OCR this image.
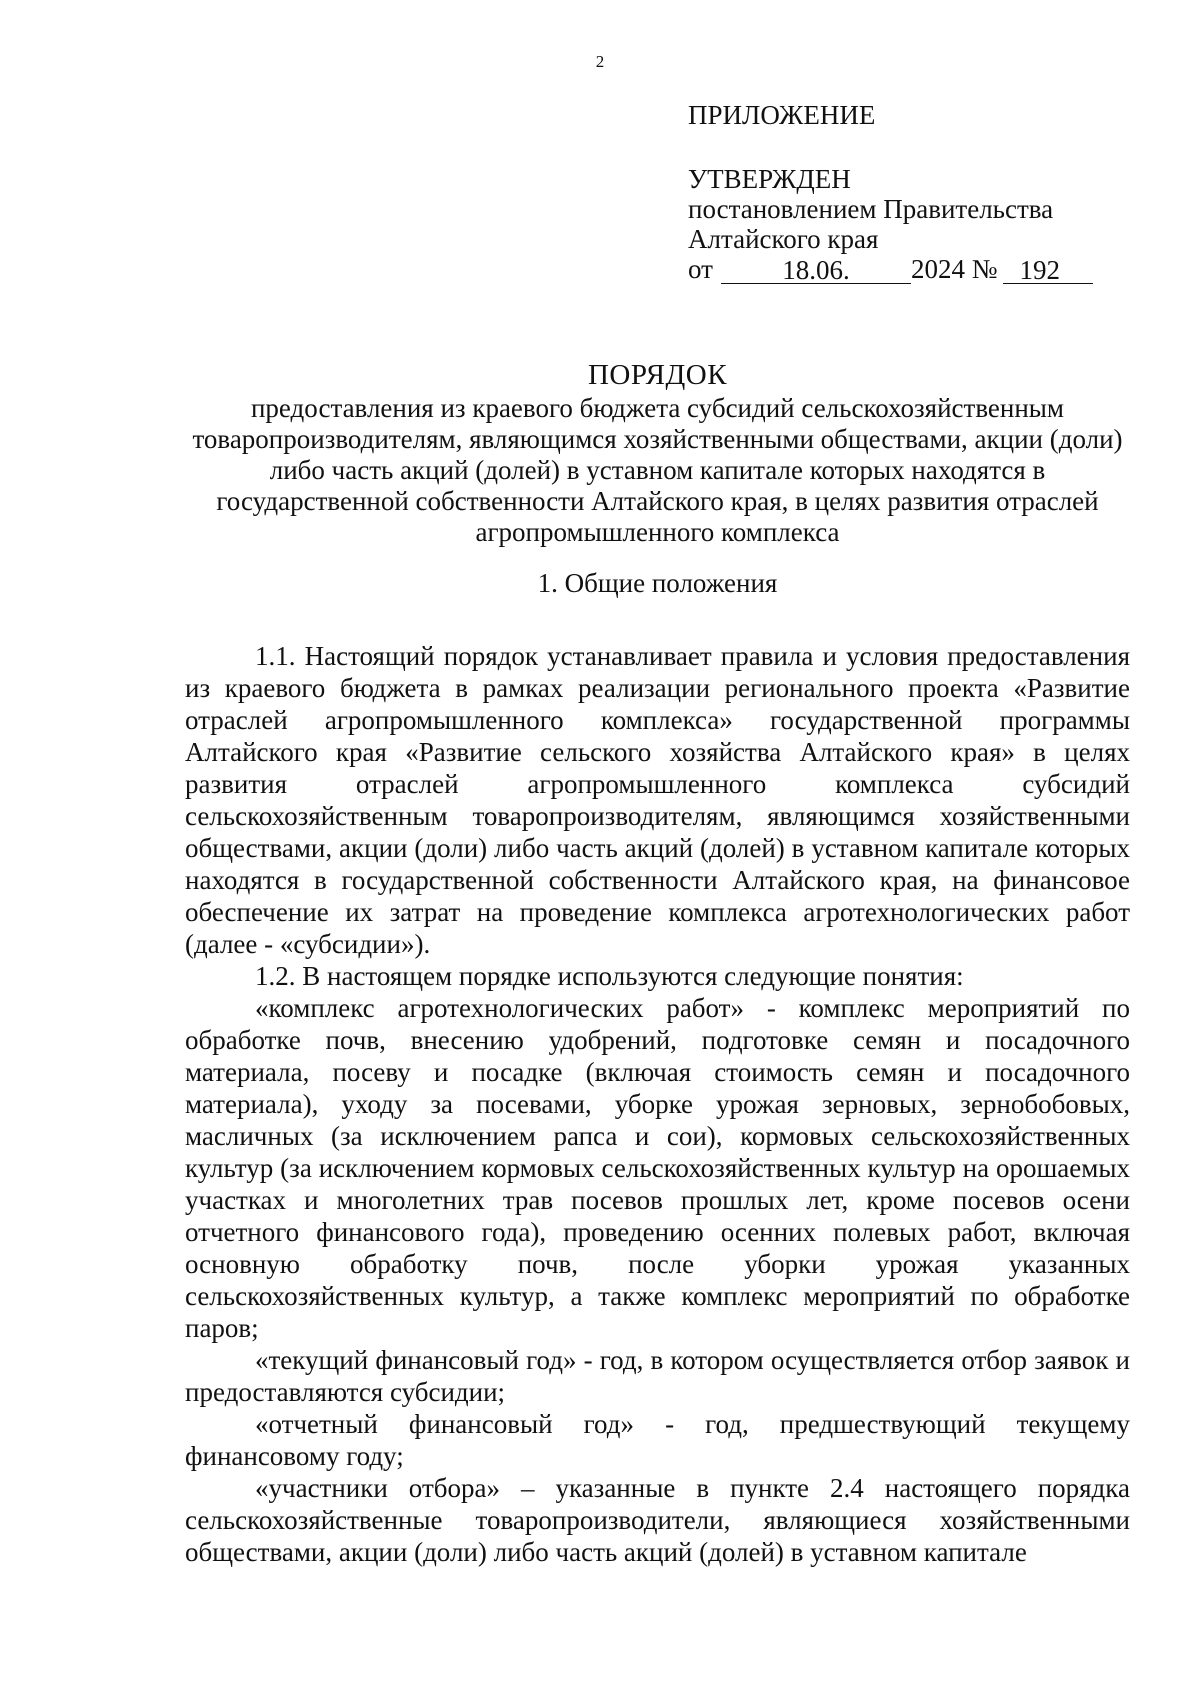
2
ПРИЛОЖЕНИЕ
УТВЕРЖДЕН
постановлением Правительства
Алтайского края
от	18.06.	2024 № 192
ПОРЯДОК
предоставления из краевого бюджета субсидий сельскохозяйственным товаропроизводителям, являющимся хозяйственными обществами, акции (доли) либо часть акций (долей) в уставном капитале которых находятся в государственной собственности Алтайского края, в целях развития отраслей агропромышленного комплекса
1. Общие положения

1.1. Настоящий порядок устанавливает правила и условия предоставления из краевого бюджета в рамках реализации регионального проекта «Развитие отраслей агропромышленного комплекса» государственной программы Алтайского края «Развитие сельского хозяйства Алтайского края» в целях развития отраслей агропромышленного комплекса субсидий сельскохозяйственным товаропроизводителям, являющимся хозяйственными обществами, акции (доли) либо часть акций (долей) в уставном капитале которых находятся в государственной собственности Алтайского края, на финансовое обеспечение их затрат на проведение комплекса агротехнологических работ (далее - «субсидии»).

1.2. В настоящем порядке используются следующие понятия:

«комплекс агротехнологических работ» - комплекс мероприятий по обработке почв, внесению удобрений, подготовке семян и посадочного материала, посеву и посадке (включая стоимость семян и посадочного материала), уходу за посевами, уборке урожая зерновых, зернобобовых, масличных (за исключением рапса и сои), кормовых сельскохозяйственных культур (за исключением кормовых сельскохозяйственных культур на орошаемых участках и многолетних трав посевов прошлых лет, кроме посевов осени отчетного финансового года), проведению осенних полевых работ, включая основную обработку почв, после уборки урожая указанных сельскохозяйственных культур, а также комплекс мероприятий по обработке паров;

«текущий финансовый год» - год, в котором осуществляется отбор заявок и предоставляются субсидии;

«отчетный финансовый год» - год, предшествующий текущему финансовому году;

«участники отбора» – указанные в пункте 2.4 настоящего порядка сельскохозяйственные товаропроизводители, являющиеся хозяйственными обществами, акции (доли) либо часть акций (долей) в уставном капитале
